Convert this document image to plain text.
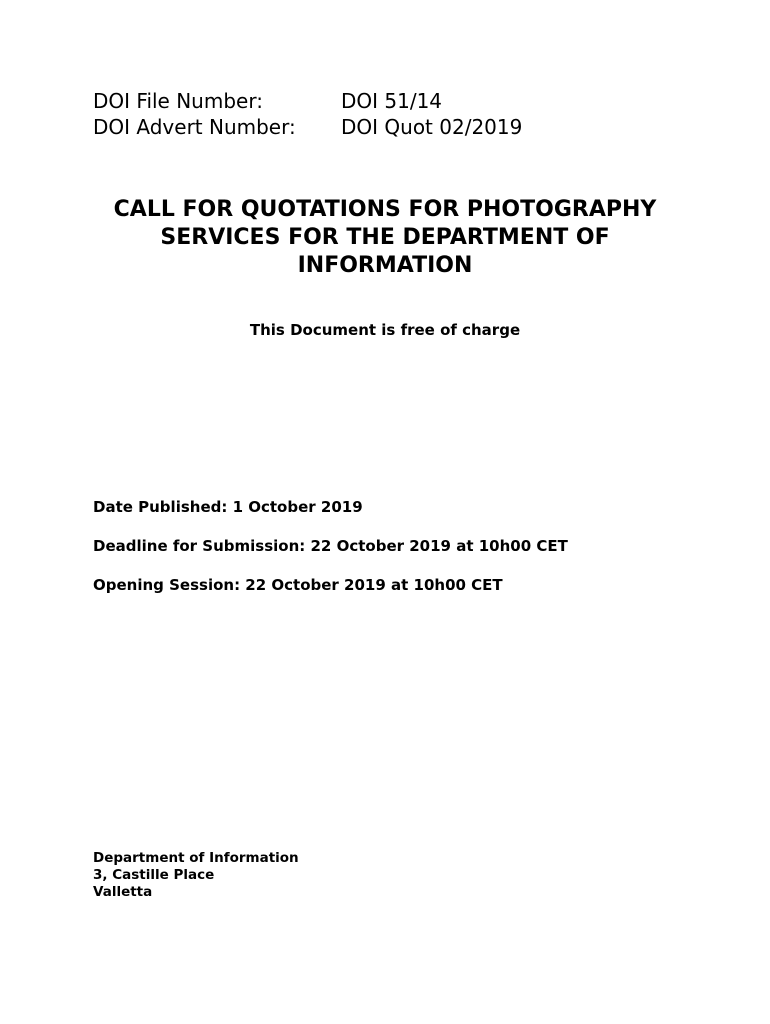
DOI File Number:	DOI 51/14
DOI Advert Number:	DOI Quot 02/2019
CALL FOR QUOTATIONS FOR PHOTOGRAPHY
SERVICES FOR THE DEPARTMENT OF
INFORMATION
This Document is free of charge
Date Published: 1 October 2019
Deadline for Submission: 22 October 2019 at 10h00 CET
Opening Session: 22 October 2019 at 10h00 CET
Department of Information
3, Castille Place
Valletta
